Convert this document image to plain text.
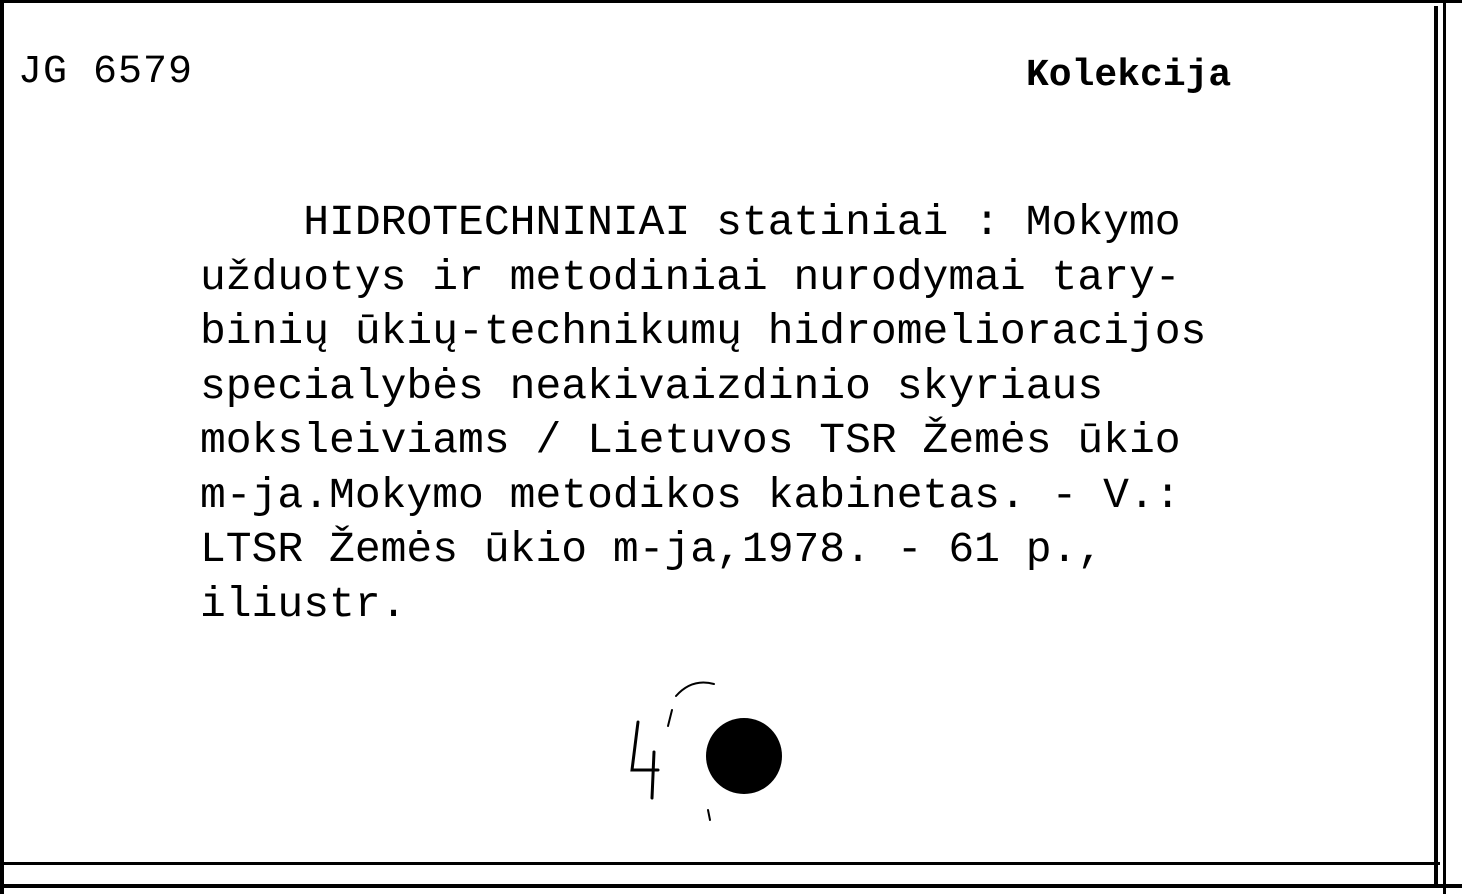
JG 6579	Kolekcija
HIDROTECHNINIAI statiniai : Mokymo
užduotys ir metodiniai nurodymai tary-
binių ūkių-technikumų hidromelioracijos
specialybės neakivaizdinio skyriaus
moksleiviams / Lietuvos TSR Žemės ūkio
m-ja.Mokymo metodikos kabinetas. - V.:
LTSR Žemės ūkio m-ja,1978. - 61 p.,
iliustr.
